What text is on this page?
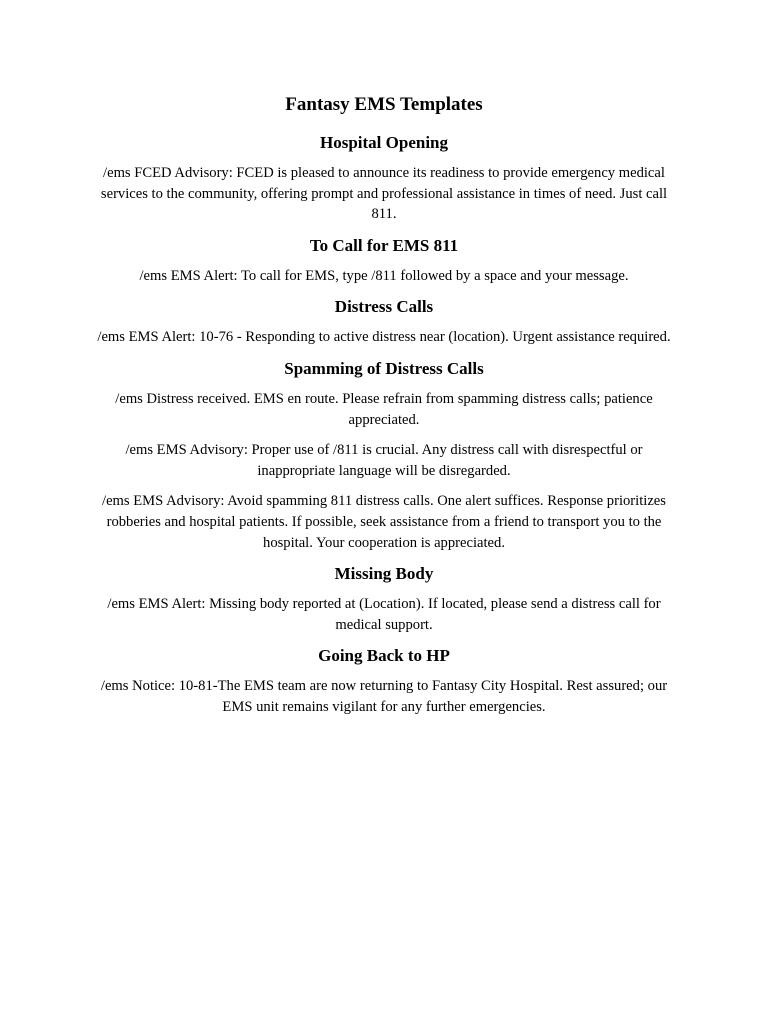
Fantasy EMS Templates
Hospital Opening

/ems FCED Advisory: FCED is pleased to announce its readiness to provide emergency medical services to the community, offering prompt and professional assistance in times of need. Just call 811.

To Call for EMS 811

/ems EMS Alert: To call for EMS, type /811 followed by a space and your message.

Distress Calls

/ems EMS Alert: 10-76 - Responding to active distress near (location). Urgent assistance required.

Spamming of Distress Calls

/ems Distress received. EMS en route. Please refrain from spamming distress calls; patience appreciated.

/ems EMS Advisory: Proper use of /811 is crucial. Any distress call with disrespectful or inappropriate language will be disregarded.

/ems EMS Advisory: Avoid spamming 811 distress calls. One alert suffices. Response prioritizes robberies and hospital patients. If possible, seek assistance from a friend to transport you to the hospital. Your cooperation is appreciated.

Missing Body

/ems EMS Alert: Missing body reported at (Location). If located, please send a distress call for medical support.

Going Back to HP

/ems Notice: 10-81-The EMS team are now returning to Fantasy City Hospital. Rest assured; our EMS unit remains vigilant for any further emergencies.
